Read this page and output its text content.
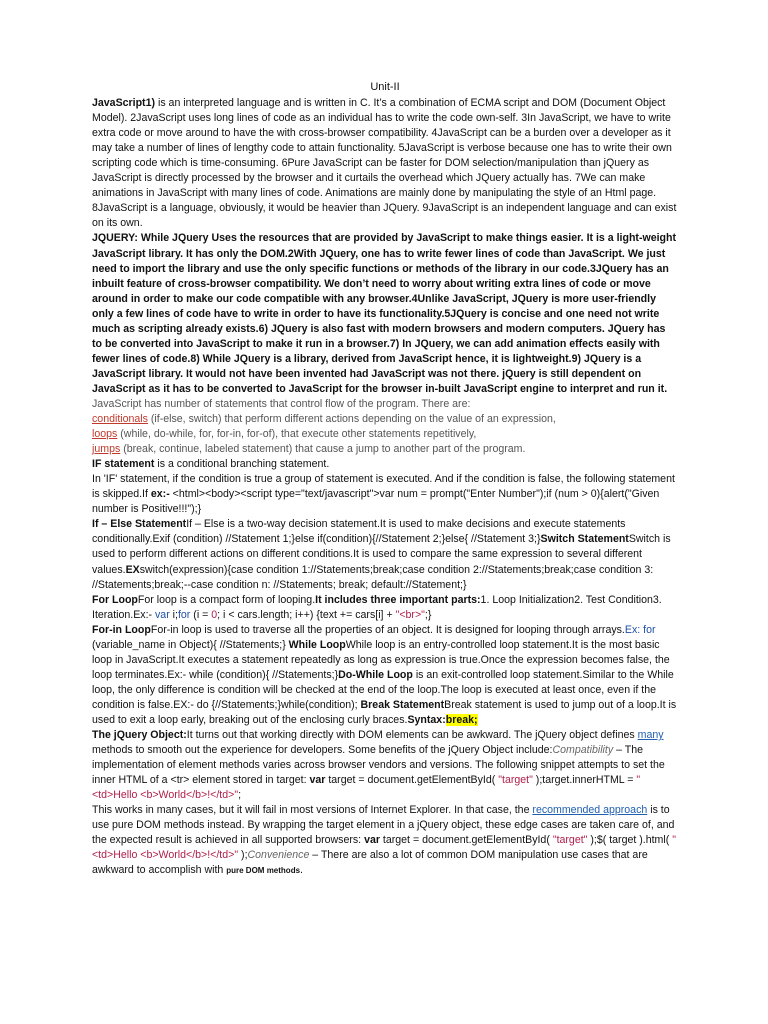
Unit-II

JavaScript1) is an interpreted language and is written in C. It’s a combination of ECMA script and DOM (Document Object Model). 2JavaScript uses long lines of code as an individual has to write the code own-self. 3In JavaScript, we have to write extra code or move around to have the with cross-browser compatibility. 4JavaScript can be a burden over a developer as it may take a number of lines of lengthy code to attain functionality. 5JavaScript is verbose because one has to write their own scripting code which is time-consuming. 6Pure JavaScript can be faster for DOM selection/manipulation than jQuery as JavaScript is directly processed by the browser and it curtails the overhead which JQuery actually has. 7We can make animations in JavaScript with many lines of code. Animations are mainly done by manipulating the style of an Html page. 8JavaScript is a language, obviously, it would be heavier than JQuery. 9JavaScript is an independent language and can exist on its own.

JQUERY: While JQuery Uses the resources that are provided by JavaScript to make things easier. It is a light-weight JavaScript library. It has only the DOM.2With JQuery, one has to write fewer lines of code than JavaScript. We just need to import the library and use the only specific functions or methods of the library in our code.3JQuery has an inbuilt feature of cross-browser compatibility. We don’t need to worry about writing extra lines of code or move around in order to make our code compatible with any browser.4Unlike JavaScript, JQuery is more user-friendly only a few lines of code have to write in order to have its functionality.5JQuery is concise and one need not write much as scripting already exists.6) JQuery is also fast with modern browsers and modern computers. JQuery has to be converted into JavaScript to make it run in a browser.7) In JQuery, we can add animation effects easily with fewer lines of code.8) While JQuery is a library, derived from JavaScript hence, it is lightweight.9) JQuery is a JavaScript library. It would not have been invented had JavaScript was not there. jQuery is still dependent on JavaScript as it has to be converted to JavaScript for the browser in-built JavaScript engine to interpret and run it.

JavaScript has number of statements that control flow of the program. There are:

conditionals (if-else, switch) that perform different actions depending on the value of an expression,

loops (while, do-while, for, for-in, for-of), that execute other statements repetitively,

jumps (break, continue, labeled statement) that cause a jump to another part of the program.

IF statement is a conditional branching statement.

In 'IF' statement, if the condition is true a group of statement is executed. And if the condition is false, the following statement is skipped.If ex:- <html><body><script type="text/javascript">var num = prompt("Enter Number");if (num > 0){alert("Given number is Positive!!!");}

If – Else StatementIf – Else is a two-way decision statement.It is used to make decisions and execute statements conditionally.Exif (condition) //Statement 1;}else if(condition){//Statement 2;}else{ //Statement 3;}Switch StatementSwitch is used to perform different actions on different conditions.It is used to compare the same expression to several different values.EXswitch(expression){case condition 1://Statements;break;case condition 2://Statements;break;case condition 3: //Statements;break;--case condition n: //Statements; break; default://Statement;}

For LoopFor loop is a compact form of looping.It includes three important parts:1. Loop Initialization2. Test Condition3. Iteration.Ex:- var i;for (i = 0; i < cars.length; i++) {text += cars[i] + "<br>";}

For-in LoopFor-in loop is used to traverse all the properties of an object. It is designed for looping through arrays.Ex: for (variable_name in Object){ //Statements;} While LoopWhile loop is an entry-controlled loop statement.It is the most basic loop in JavaScript.It executes a statement repeatedly as long as expression is true.Once the expression becomes false, the loop terminates.Ex:- while (condition){ //Statements;}Do-While Loop is an exit-controlled loop statement.Similar to the While loop, the only difference is condition will be checked at the end of the loop.The loop is executed at least once, even if the condition is false.EX:- do {//Statements;}while(condition); Break StatementBreak statement is used to jump out of a loop.It is used to exit a loop early, breaking out of the enclosing curly braces.Syntax:break;

The jQuery Object:It turns out that working directly with DOM elements can be awkward. The jQuery object defines many methods to smooth out the experience for developers. Some benefits of the jQuery Object include:Compatibility – The implementation of element methods varies across browser vendors and versions. The following snippet attempts to set the inner HTML of a <tr> element stored in target: var target = document.getElementById( "target" );target.innerHTML = "<td>Hello <b>World</b>!</td>";

This works in many cases, but it will fail in most versions of Internet Explorer. In that case, the recommended approach is to use pure DOM methods instead. By wrapping the target element in a jQuery object, these edge cases are taken care of, and the expected result is achieved in all supported browsers: var target = document.getElementById( "target" );$( target ).html( "<td>Hello <b>World</b>!</td>" );Convenience – There are also a lot of common DOM manipulation use cases that are awkward to accomplish with pure DOM methods.
